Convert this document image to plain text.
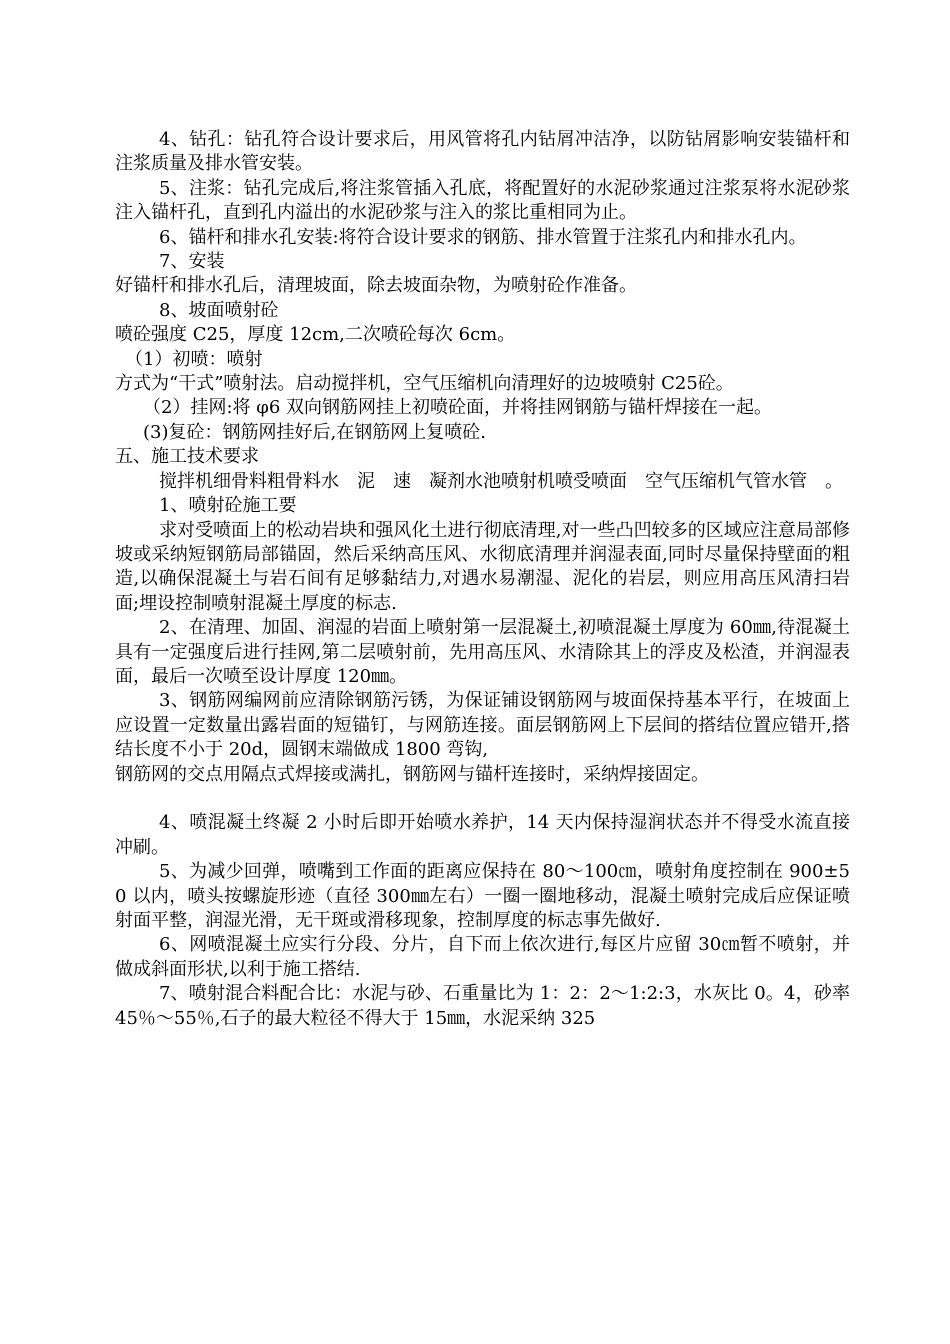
4、钻孔：钻孔符合设计要求后，用风管将孔内钻屑冲洁净，以防钻屑影响安装锚杆和注浆质量及排水管安装。

5、注浆：钻孔完成后,将注浆管插入孔底，将配置好的水泥砂浆通过注浆泵将水泥砂浆注入锚杆孔，直到孔内溢出的水泥砂浆与注入的浆比重相同为止。

6、锚杆和排水孔安装:将符合设计要求的钢筋、排水管置于注浆孔内和排水孔内。

7、安装

好锚杆和排水孔后，清理坡面，除去坡面杂物，为喷射砼作准备。

8、坡面喷射砼

喷砼强度 C25，厚度 12cm,二次喷砼每次 6cm。

（1）初喷：喷射

方式为“干式”喷射法。启动搅拌机，空气压缩机向清理好的边坡喷射 C25砼。

（2）挂网:将 φ6 双向钢筋网挂上初喷砼面，并将挂网钢筋与锚杆焊接在一起。

(3)复砼：钢筋网挂好后,在钢筋网上复喷砼.

五、施工技术要求

搅拌机细骨料粗骨料水　泥　速　凝剂水池喷射机喷受喷面　空气压缩机气管水管　。

1、喷射砼施工要

求对受喷面上的松动岩块和强风化土进行彻底清理,对一些凸凹较多的区域应注意局部修坡或采纳短钢筋局部锚固，然后采纳高压风、水彻底清理并润湿表面,同时尽量保持壁面的粗造,以确保混凝土与岩石间有足够黏结力,对遇水易潮湿、泥化的岩层，则应用高压风清扫岩面;埋设控制喷射混凝土厚度的标志.

2、在清理、加固、润湿的岩面上喷射第一层混凝土,初喷混凝土厚度为 60㎜,待混凝土具有一定强度后进行挂网,第二层喷射前，先用高压风、水清除其上的浮皮及松渣，并润湿表面，最后一次喷至设计厚度 120㎜。

3、钢筋网编网前应清除钢筋污锈，为保证铺设钢筋网与坡面保持基本平行，在坡面上应设置一定数量出露岩面的短锚钉，与网筋连接。面层钢筋网上下层间的搭结位置应错开,搭结长度不小于 20d，圆钢末端做成 1800 弯钩,

钢筋网的交点用隔点式焊接或满扎，钢筋网与锚杆连接时，采纳焊接固定。

4、喷混凝土终凝 2 小时后即开始喷水养护，14 天内保持湿润状态并不得受水流直接冲刷。

5、为减少回弹，喷嘴到工作面的距离应保持在 80～100㎝，喷射角度控制在 900±50 以内，喷头按螺旋形迹（直径 300㎜左右）一圈一圈地移动，混凝土喷射完成后应保证喷射面平整，润湿光滑，无干斑或滑移现象，控制厚度的标志事先做好.

6、网喷混凝土应实行分段、分片，自下而上依次进行,每区片应留 30㎝暂不喷射，并做成斜面形状,以利于施工搭结.

7、喷射混合料配合比：水泥与砂、石重量比为 1：2：2～1:2:3，水灰比 0。4，砂率 45％～55％,石子的最大粒径不得大于 15㎜，水泥采纳 325
